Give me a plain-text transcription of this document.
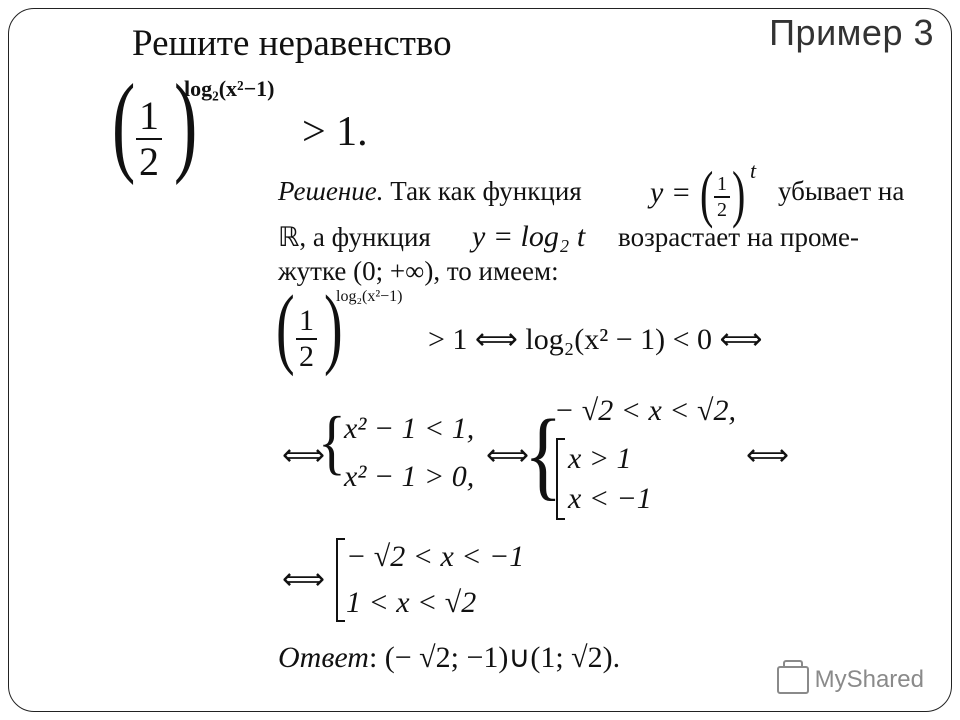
Пример 3
Решите неравенство
( $\frac{1}{2}$ )
log₂(x²−1)
> 1.
Решение. Так как функция y = ( $\frac{1}{2}$ ) t
убывает на
ℝ, а функция y = log₂ t возрастает на проме-
жутке (0; +∞), то имеем:
( $\frac{1}{2}$ )
log₂(x²−1)
> 1 ⟺ log₂(x² − 1) < 0 ⟺
⟺
{
x² − 1 < 1,
x² − 1 > 0,
⟺
{
− √2 < x < √2,
x > 1
x < −1
⟺
⟺
− √2 < x < −1
1 < x < √2
Ответ: (− √2; −1)∪(1; √2).
MyShared
